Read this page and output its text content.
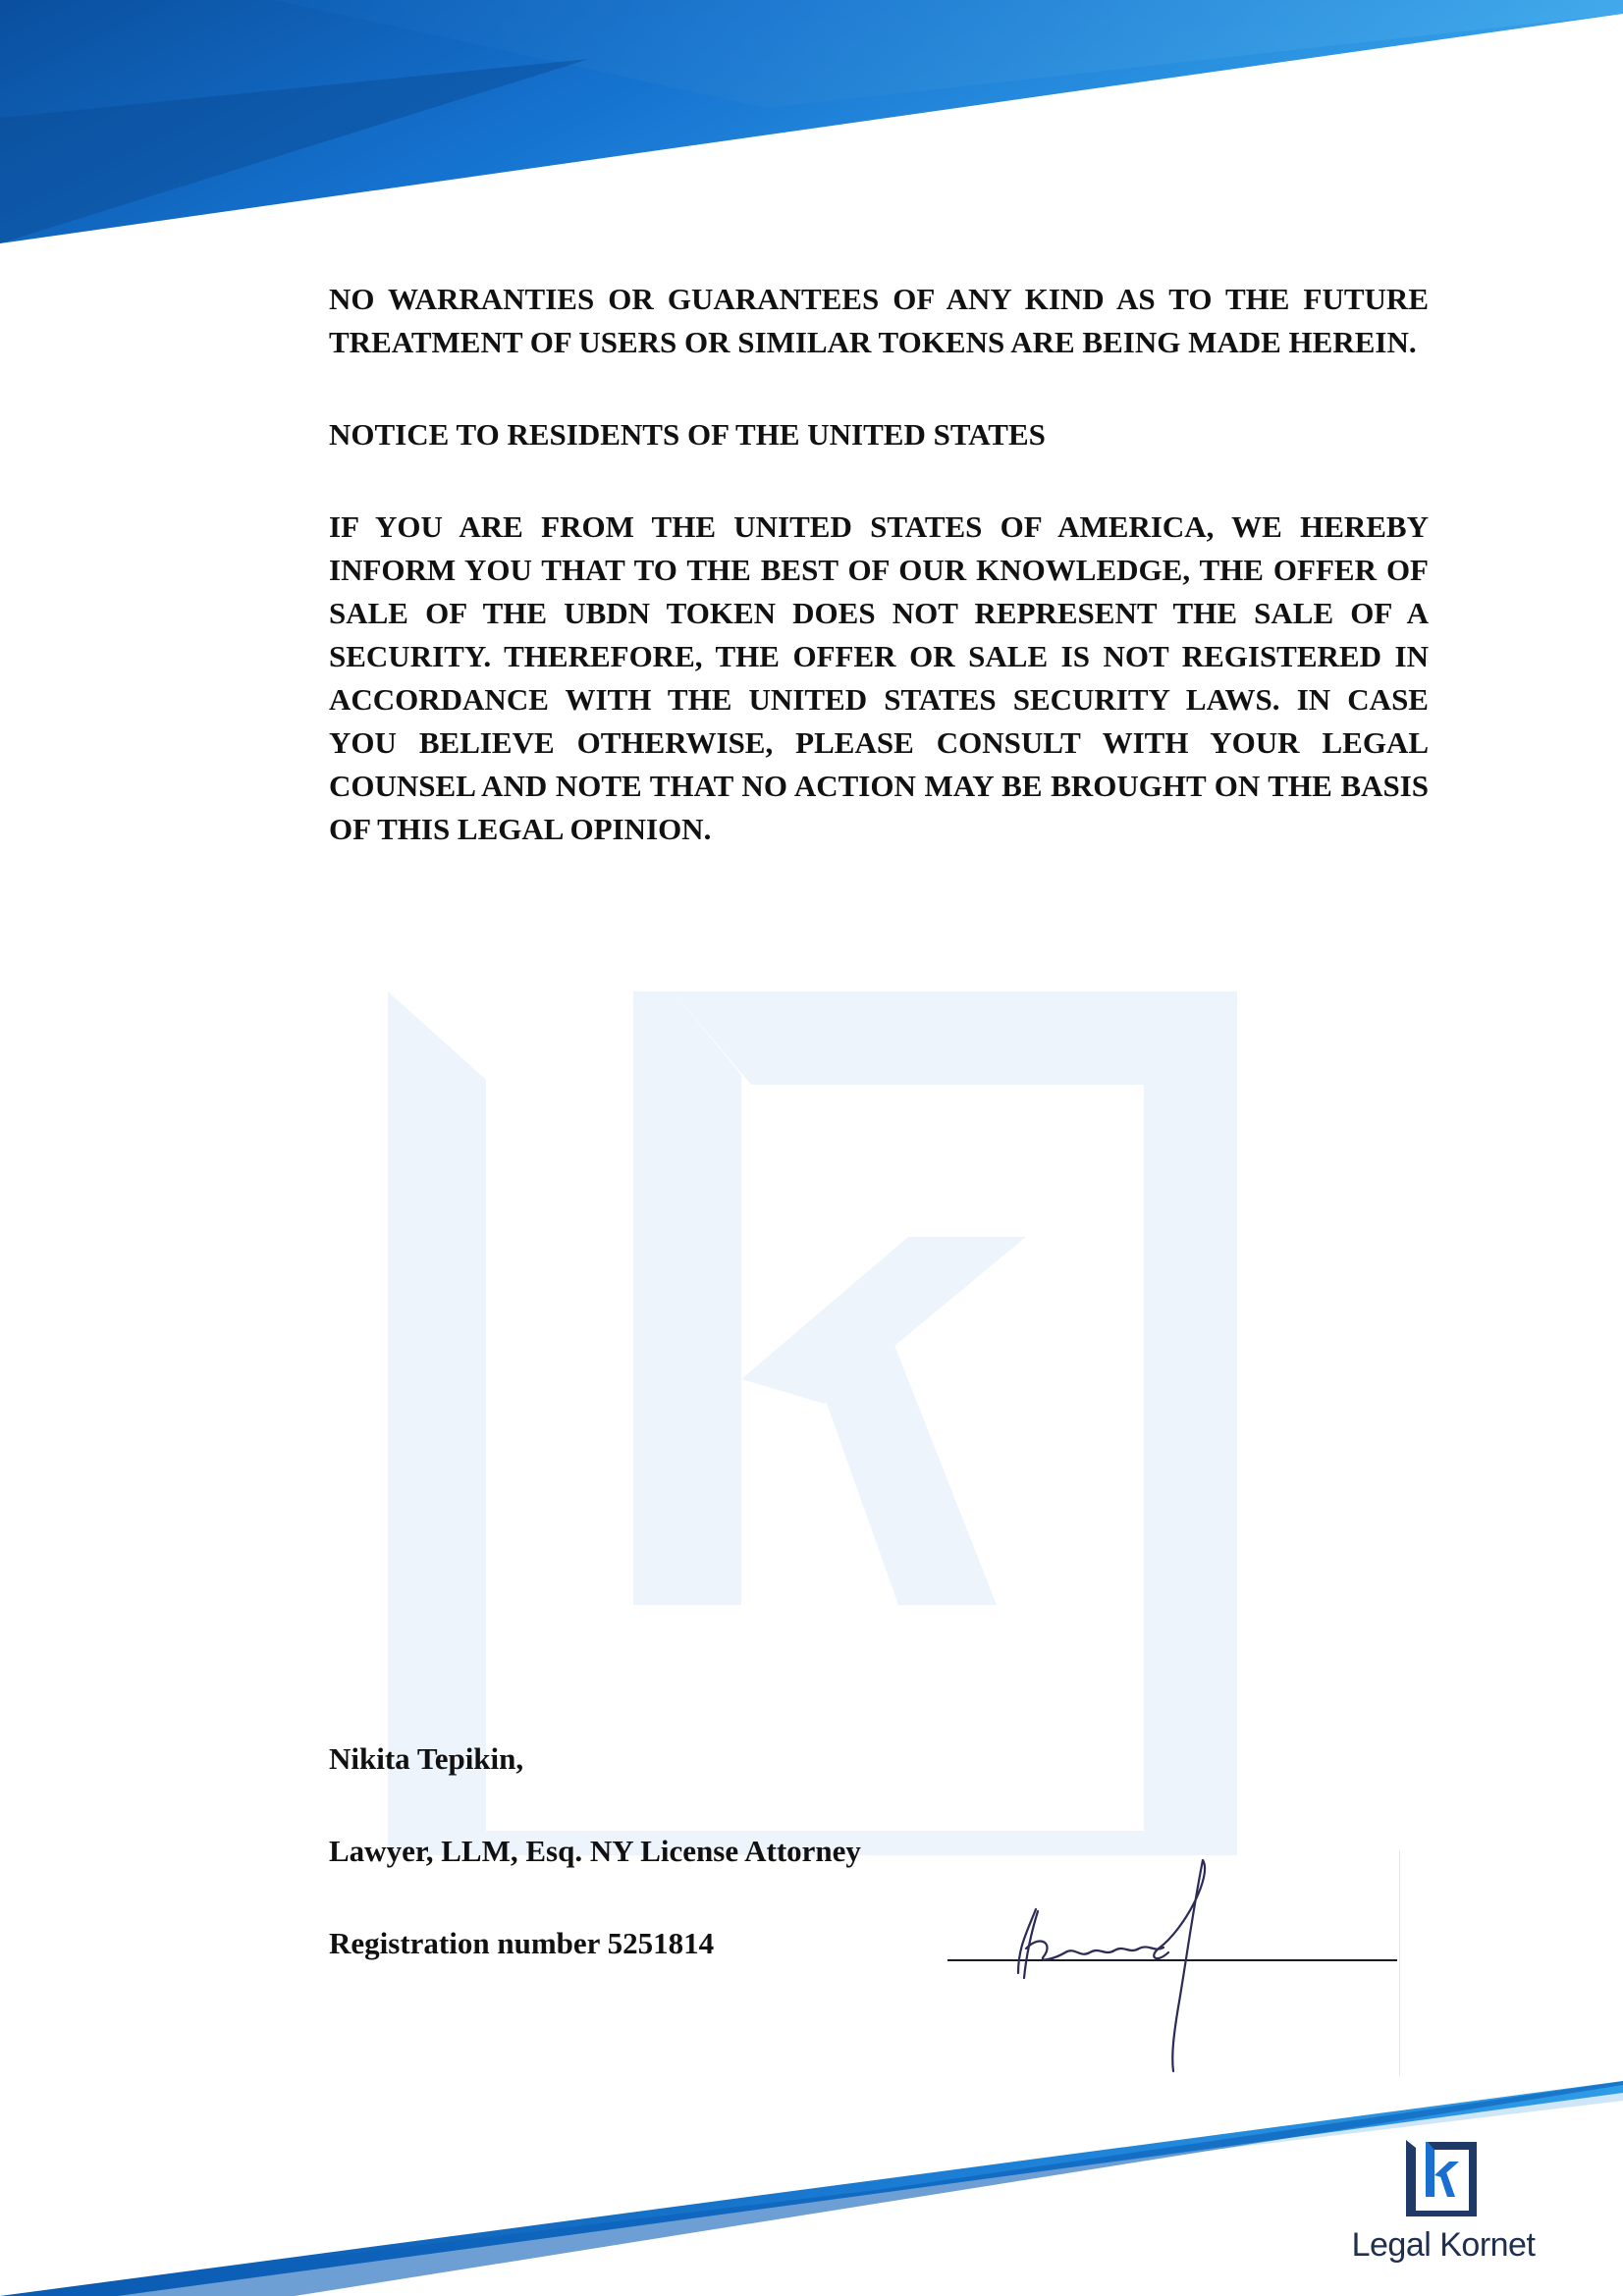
NO WARRANTIES OR GUARANTEES OF ANY KIND AS TO THE FUTURE TREATMENT OF USERS OR SIMILAR TOKENS ARE BEING MADE HEREIN.

NOTICE TO RESIDENTS OF THE UNITED STATES

IF YOU ARE FROM THE UNITED STATES OF AMERICA, WE HEREBY INFORM YOU THAT TO THE BEST OF OUR KNOWLEDGE, THE OFFER OF SALE OF THE UBDN TOKEN DOES NOT REPRESENT THE SALE OF A SECURITY. THEREFORE, THE OFFER OR SALE IS NOT REGISTERED IN ACCORDANCE WITH THE UNITED STATES SECURITY LAWS. IN CASE YOU BELIEVE OTHERWISE, PLEASE CONSULT WITH YOUR LEGAL COUNSEL AND NOTE THAT NO ACTION MAY BE BROUGHT ON THE BASIS OF THIS LEGAL OPINION.

Nikita Tepikin,
Lawyer, LLM, Esq. NY License Attorney
Registration number 5251814
Legal Kornet
